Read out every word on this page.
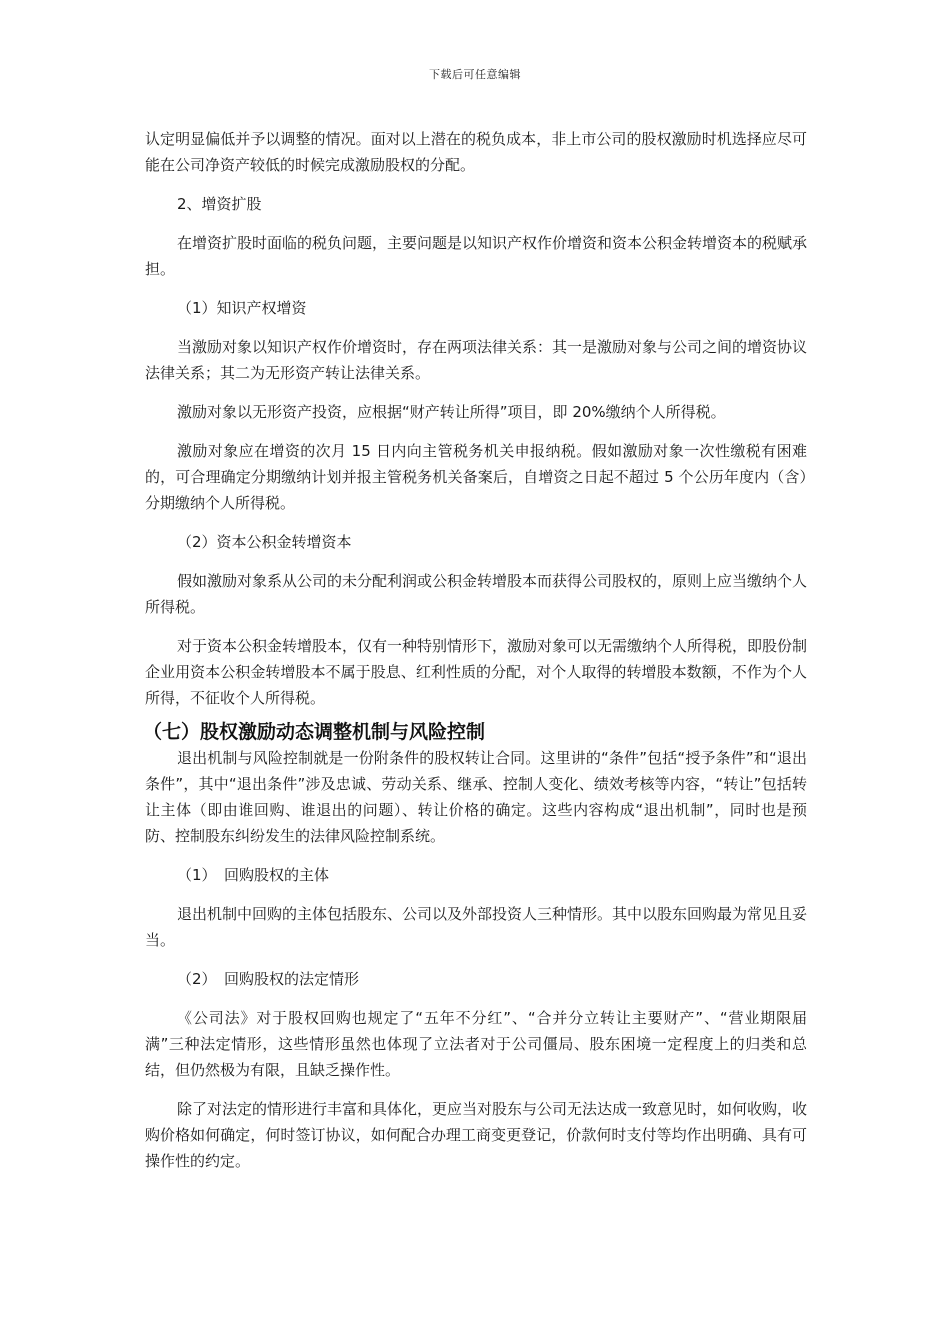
下载后可任意编辑

认定明显偏低并予以调整的情况。面对以上潜在的税负成本，非上市公司的股权激励时机选择应尽可能在公司净资产较低的时候完成激励股权的分配。

2、增资扩股

在增资扩股时面临的税负问题，主要问题是以知识产权作价增资和资本公积金转增资本的税赋承担。

（1）知识产权增资

当激励对象以知识产权作价增资时，存在两项法律关系：其一是激励对象与公司之间的增资协议法律关系；其二为无形资产转让法律关系。

激励对象以无形资产投资，应根据“财产转让所得”项目，即 20%缴纳个人所得税。

激励对象应在增资的次月 15 日内向主管税务机关申报纳税。假如激励对象一次性缴税有困难的，可合理确定分期缴纳计划并报主管税务机关备案后，自增资之日起不超过 5 个公历年度内（含）分期缴纳个人所得税。

（2）资本公积金转增资本

假如激励对象系从公司的未分配利润或公积金转增股本而获得公司股权的，原则上应当缴纳个人所得税。

对于资本公积金转增股本，仅有一种特别情形下，激励对象可以无需缴纳个人所得税，即股份制企业用资本公积金转增股本不属于股息、红利性质的分配，对个人取得的转增股本数额，不作为个人所得，不征收个人所得税。

（七）股权激励动态调整机制与风险控制

退出机制与风险控制就是一份附条件的股权转让合同。这里讲的“条件”包括“授予条件”和“退出条件”，其中“退出条件”涉及忠诚、劳动关系、继承、控制人变化、绩效考核等内容，“转让”包括转让主体（即由谁回购、谁退出的问题）、转让价格的确定。这些内容构成“退出机制”，同时也是预防、控制股东纠纷发生的法律风险控制系统。

（1）　回购股权的主体

退出机制中回购的主体包括股东、公司以及外部投资人三种情形。其中以股东回购最为常见且妥当。

（2）　回购股权的法定情形

《公司法》对于股权回购也规定了“五年不分红”、“合并分立转让主要财产”、“营业期限届满”三种法定情形，这些情形虽然也体现了立法者对于公司僵局、股东困境一定程度上的归类和总结，但仍然极为有限，且缺乏操作性。

除了对法定的情形进行丰富和具体化，更应当对股东与公司无法达成一致意见时，如何收购，收购价格如何确定，何时签订协议，如何配合办理工商变更登记，价款何时支付等均作出明确、具有可操作性的约定。
